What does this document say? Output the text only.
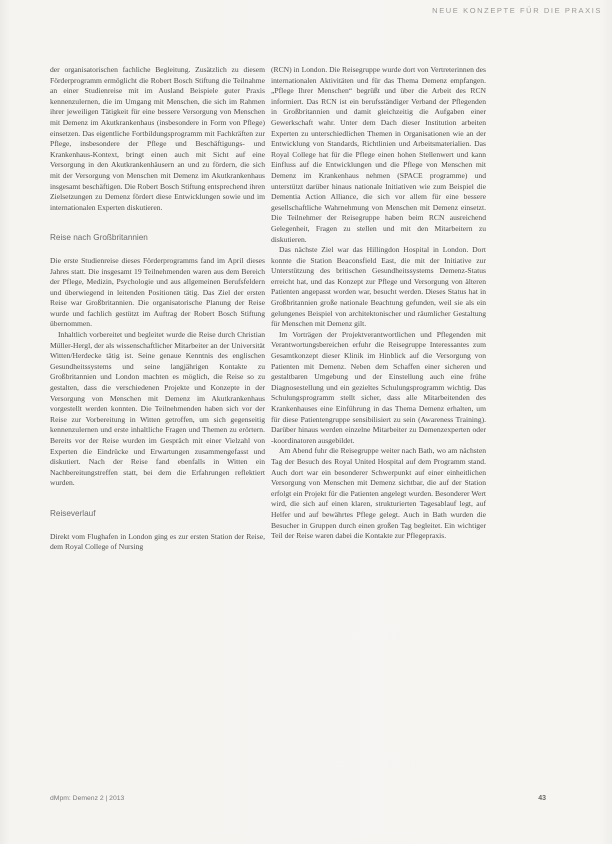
NEUE KONZEPTE FÜR DIE PRAXIS

der organisatorischen fachliche Begleitung. Zusätzlich zu diesem Förderprogramm ermöglicht die Robert Bosch Stiftung die Teilnahme an einer Studienreise mit im Ausland Beispiele guter Praxis kennenzulernen, die im Umgang mit Menschen, die sich im Rahmen ihrer jeweiligen Tätigkeit für eine bessere Versorgung von Menschen mit Demenz im Akutkrankenhaus (insbesondere in Form von Pflege) einsetzen. Das eigentliche Fortbildungsprogramm mit Fachkräften zur Pflege, insbesondere der Pflege und Beschäftigungs- und Krankenhaus-Kontext, bringt einen auch mit Sicht auf eine Versorgung in den Akutkrankenhäusern an und zu fördern, die sich mit der Versorgung von Menschen mit Demenz im Akutkrankenhaus insgesamt beschäftigen. Die Robert Bosch Stiftung entsprechend ihren Zielsetzungen zu Demenz fördert diese Entwicklungen sowie und im internationalen Experten diskutieren.

Reise nach Großbritannien

Die erste Studienreise dieses Förderprogramms fand im April dieses Jahres statt. Die insgesamt 19 Teilnehmenden waren aus dem Bereich der Pflege, Medizin, Psychologie und aus allgemeinen Berufsfeldern und überwiegend in leitenden Positionen tätig. Das Ziel der ersten Reise war Großbritannien. Die organisatorische Planung der Reise wurde und fachlich gestützt im Auftrag der Robert Bosch Stiftung übernommen.

Inhaltlich vorbereitet und begleitet wurde die Reise durch Christian Müller-Hergl, der als wissenschaftlicher Mitarbeiter an der Universität Witten/Herdecke tätig ist. Seine genaue Kenntnis des englischen Gesundheitssystems und seine langjährigen Kontakte zu Großbritannien und London machten es möglich, die Reise so zu gestalten, dass die verschiedenen Projekte und Konzepte in der Versorgung von Menschen mit Demenz im Akutkrankenhaus vorgestellt werden konnten. Die Teilnehmenden haben sich vor der Reise zur Vorbereitung in Witten getroffen, um sich gegenseitig kennenzulernen und erste inhaltliche Fragen und Themen zu erörtern. Bereits vor der Reise wurden im Gespräch mit einer Vielzahl von Experten die Eindrücke und Erwartungen zusammengefasst und diskutiert. Nach der Reise fand ebenfalls in Witten ein Nachbereitungstreffen statt, bei dem die Erfahrungen reflektiert wurden.

Reiseverlauf

Direkt vom Flughafen in London ging es zur ersten Station der Reise, dem Royal College of Nursing

(RCN) in London. Die Reisegruppe wurde dort von Vertreterinnen des internationalen Aktivitäten und für das Thema Demenz empfangen. „Pflege Ihrer Menschen“ begrüßt und über die Arbeit des RCN informiert. Das RCN ist ein berufsständiger Verband der Pflegenden in Großbritannien und damit gleichzeitig die Aufgaben einer Gewerkschaft wahr. Unter dem Dach dieser Institution arbeiten Experten zu unterschiedlichen Themen in Organisationen wie an der Entwicklung von Standards, Richtlinien und Arbeitsmaterialien. Das Royal College hat für die Pflege einen hohen Stellenwert und kann Einfluss auf die Entwicklungen und die Pflege von Menschen mit Demenz im Krankenhaus nehmen (SPACE programme) und unterstützt darüber hinaus nationale Initiativen wie zum Beispiel die Dementia Action Alliance, die sich vor allem für eine bessere gesellschaftliche Wahrnehmung von Menschen mit Demenz einsetzt. Die Teilnehmer der Reisegruppe haben beim RCN ausreichend Gelegenheit, Fragen zu stellen und mit den Mitarbeitern zu diskutieren.

Das nächste Ziel war das Hillingdon Hospital in London. Dort konnte die Station Beaconsfield East, die mit der Initiative zur Unterstützung des britischen Gesundheitssystems Demenz-Status erreicht hat, und das Konzept zur Pflege und Versorgung von älteren Patienten angepasst worden war, besucht werden. Dieses Status hat in Großbritannien große nationale Beachtung gefunden, weil sie als ein gelungenes Beispiel von architektonischer und räumlicher Gestaltung für Menschen mit Demenz gilt.

Im Vorträgen der Projektverantwortlichen und Pflegenden mit Verantwortungsbereichen erfuhr die Reisegruppe Interessantes zum Gesamtkonzept dieser Klinik im Hinblick auf die Versorgung von Patienten mit Demenz. Neben dem Schaffen einer sicheren und gestaltbaren Umgebung und der Einstellung auch eine frühe Diagnosestellung und ein gezieltes Schulungsprogramm wichtig. Das Schulungsprogramm stellt sicher, dass alle Mitarbeitenden des Krankenhauses eine Einführung in das Thema Demenz erhalten, um für diese Patientengruppe sensibilisiert zu sein (Awareness Training). Darüber hinaus werden einzelne Mitarbeiter zu Demenzexperten oder -koordinatoren ausgebildet.

Am Abend fuhr die Reisegruppe weiter nach Bath, wo am nächsten Tag der Besuch des Royal United Hospital auf dem Programm stand. Auch dort war ein besonderer Schwerpunkt auf einer einheitlichen Versorgung von Menschen mit Demenz sichtbar, die auf der Station erfolgt ein Projekt für die Patienten angelegt wurden. Besonderer Wert wird, die sich auf einen klaren, strukturierten Tagesablauf legt, auf Helfer und auf bewährtes Pflege gelegt. Auch in Bath wurden die Besucher in Gruppen durch einen großen Tag begleitet. Ein wichtiger Teil der Reise waren dabei die Kontakte zur Pflegepraxis.

dMpm: Demenz 2 | 2013	43
